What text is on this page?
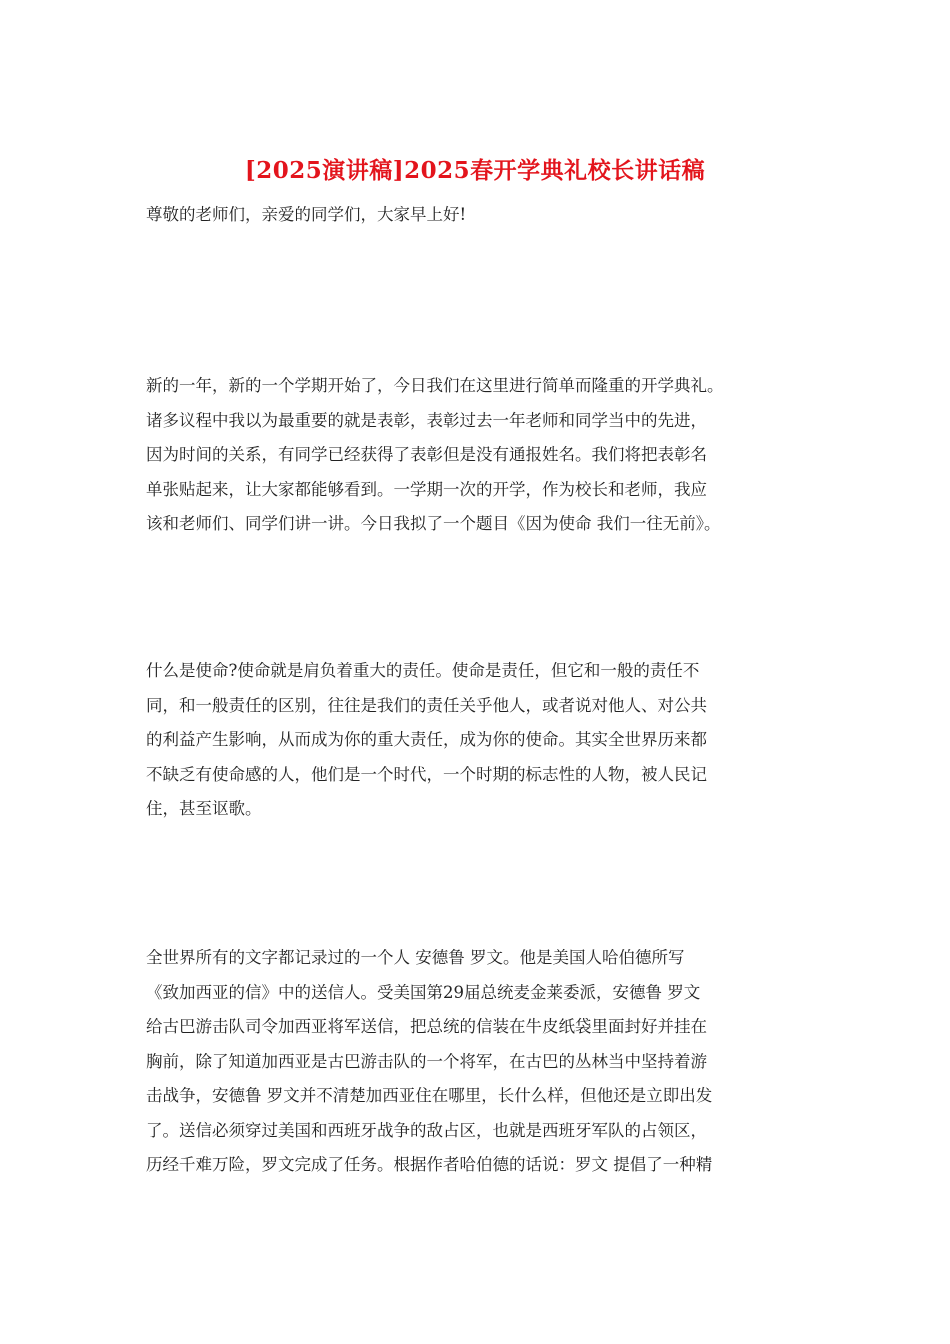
[2025演讲稿]2025春开学典礼校长讲话稿

尊敬的老师们，亲爱的同学们，大家早上好!

新的一年，新的一个学期开始了，今日我们在这里进行简单而隆重的开学典礼。
诸多议程中我以为最重要的就是表彰，表彰过去一年老师和同学当中的先进，
因为时间的关系，有同学已经获得了表彰但是没有通报姓名。我们将把表彰名
单张贴起来，让大家都能够看到。一学期一次的开学，作为校长和老师，我应
该和老师们、同学们讲一讲。今日我拟了一个题目《因为使命 我们一往无前》。
什么是使命?使命就是肩负着重大的责任。使命是责任，但它和一般的责任不
同，和一般责任的区别，往往是我们的责任关乎他人，或者说对他人、对公共
的利益产生影响，从而成为你的重大责任，成为你的使命。其实全世界历来都
不缺乏有使命感的人，他们是一个时代，一个时期的标志性的人物，被人民记
住，甚至讴歌。
全世界所有的文字都记录过的一个人 安德鲁 罗文。他是美国人哈伯德所写
《致加西亚的信》中的送信人。受美国第29届总统麦金莱委派，安德鲁 罗文
给古巴游击队司令加西亚将军送信，把总统的信装在牛皮纸袋里面封好并挂在
胸前，除了知道加西亚是古巴游击队的一个将军，在古巴的丛林当中坚持着游
击战争，安德鲁 罗文并不清楚加西亚住在哪里，长什么样，但他还是立即出发
了。送信必须穿过美国和西班牙战争的敌占区，也就是西班牙军队的占领区，
历经千难万险，罗文完成了任务。根据作者哈伯德的话说：罗文 提倡了一种精
